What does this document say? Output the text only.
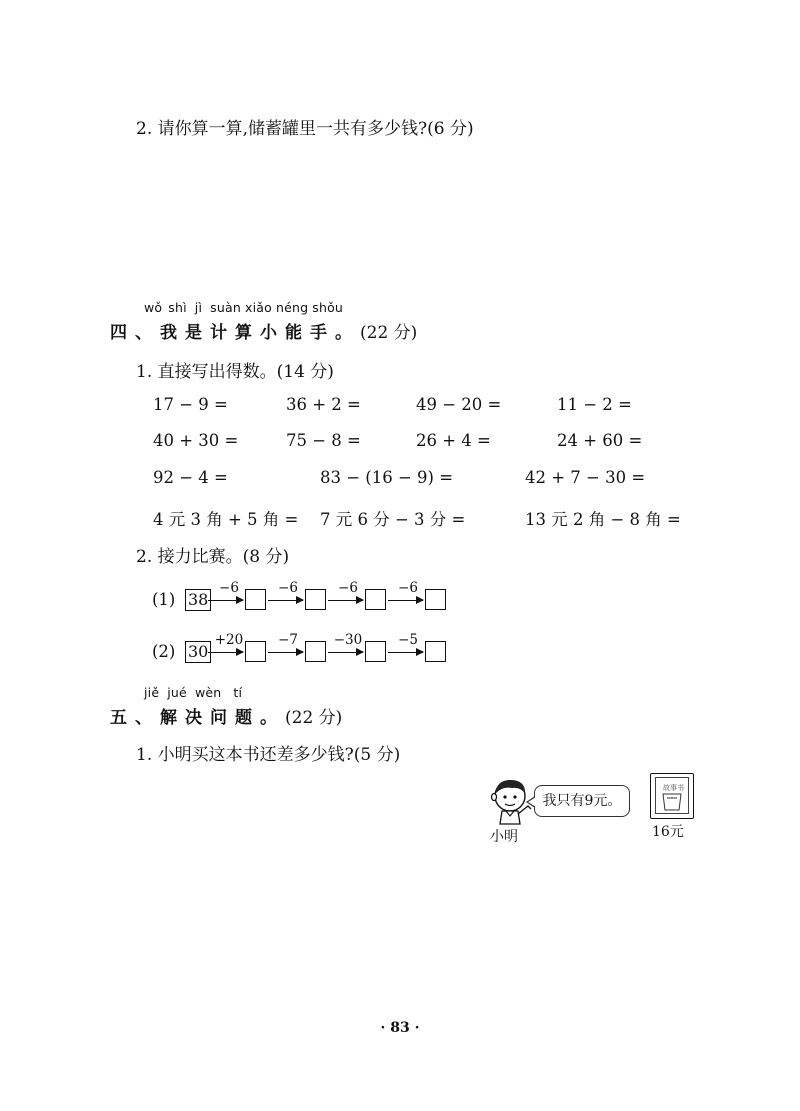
2. 请你算一算,储蓄罐里一共有多少钱?(6 分)
wǒ shì jì suàn xiǎo néng shǒu
四、我是计算小能手。(22 分)
1. 直接写出得数。(14 分)
17 − 9 =	36 + 2 =	49 − 20 =	11 − 2 =
40 + 30 =	75 − 8 =	26 + 4 =	24 + 60 =
92 − 4 =	83 − (16 − 9) =	42 + 7 − 30 =
4 元 3 角 + 5 角 = 7 元 6 分 − 3 分 =	13 元 2 角 − 8 角 =
2. 接力比赛。(8 分)
(1) 38
−6	−6	−6	−6
(2) 30
+20	−7	−30	−5
jiě jué wèn tí
五、解决问题。(22 分)
1. 小明买这本书还差多少钱?(5 分)
小明
我只有9元。
故事书
16元
· 83 ·
